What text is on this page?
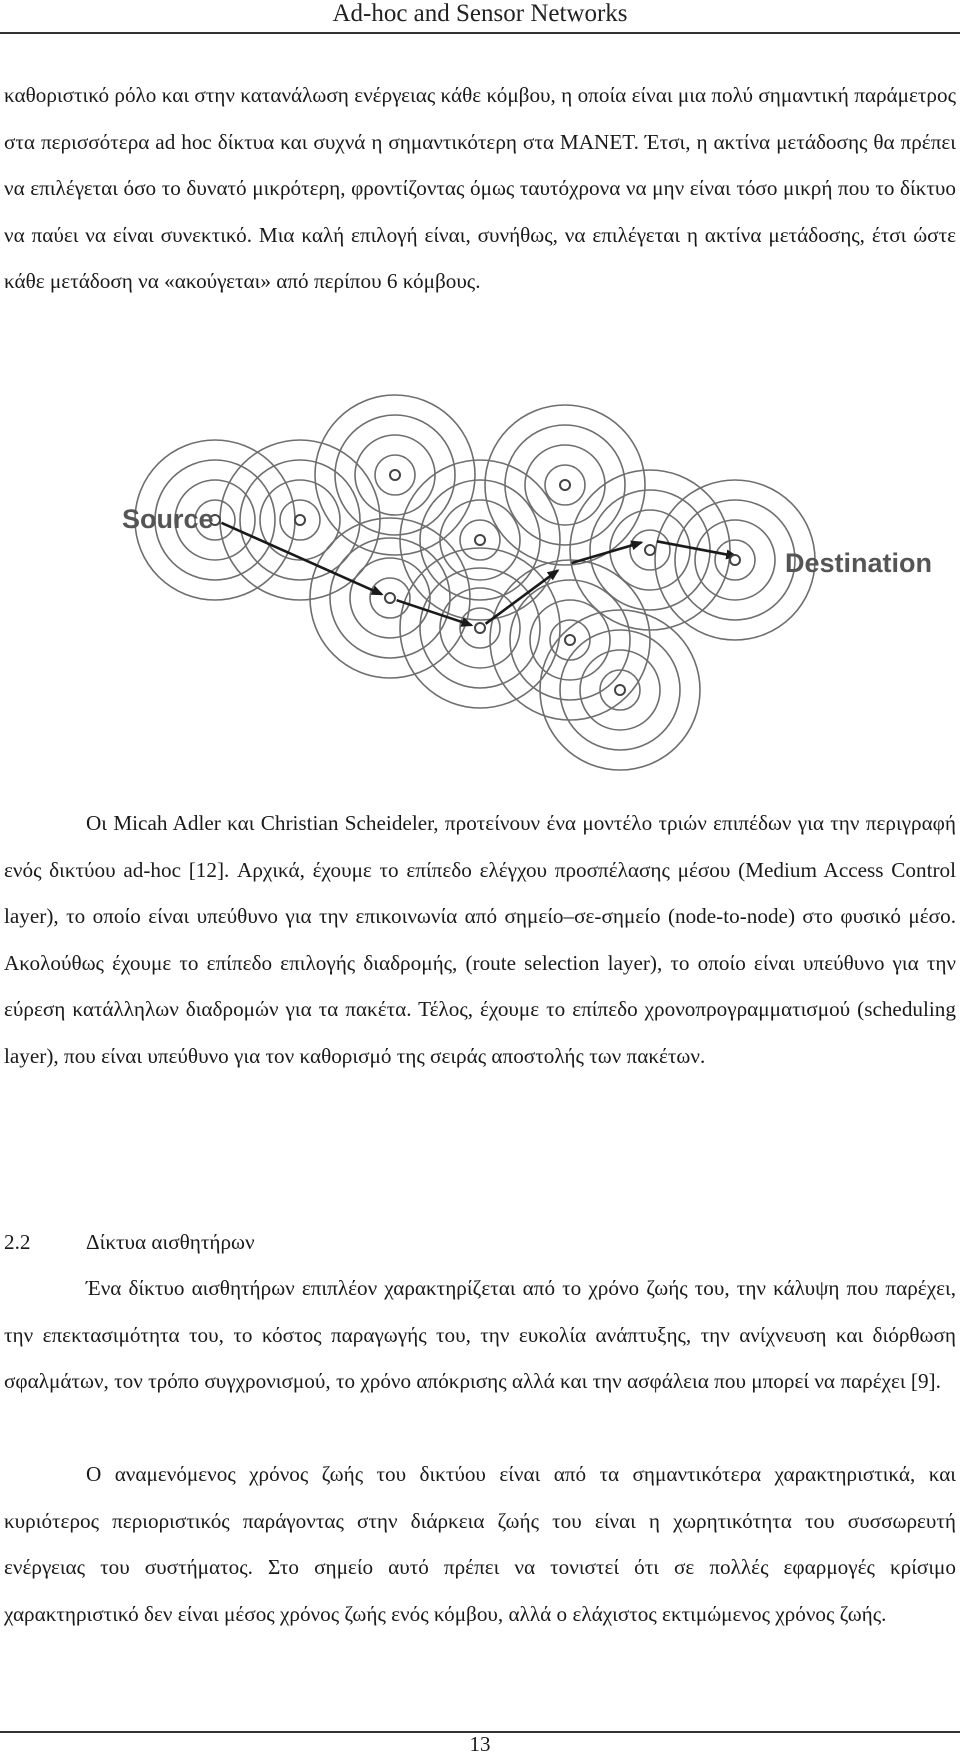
Ad-hoc and Sensor Networks

καθοριστικό ρόλο και στην κατανάλωση ενέργειας κάθε κόμβου, η οποία είναι μια πολύ σημαντική παράμετρος στα περισσότερα ad hoc δίκτυα και συχνά η σημαντικότερη στα MANET. Έτσι, η ακτίνα μετάδοσης θα πρέπει να επιλέγεται όσο το δυνατό μικρότερη, φροντίζοντας όμως ταυτόχρονα να μην είναι τόσο μικρή που το δίκτυο να παύει να είναι συνεκτικό. Μια καλή επιλογή είναι, συνήθως, να επιλέγεται η ακτίνα μετάδοσης, έτσι ώστε κάθε μετάδοση να «ακούγεται» από περίπου 6 κόμβους.

Source
Destination

Οι Micah Adler και Christian Scheideler, προτείνουν ένα μοντέλο τριών επιπέδων για την περιγραφή ενός δικτύου ad-hoc [12]. Αρχικά, έχουμε το επίπεδο ελέγχου προσπέλασης μέσου (Medium Access Control layer), το οποίο είναι υπεύθυνο για την επικοινωνία από σημείο–σε-σημείο (node-to-node) στο φυσικό μέσο. Ακολούθως έχουμε το επίπεδο επιλογής διαδρομής, (route selection layer), το οποίο είναι υπεύθυνο για την εύρεση κατάλληλων διαδρομών για τα πακέτα. Τέλος, έχουμε το επίπεδο χρονοπρογραμματισμού (scheduling layer), που είναι υπεύθυνο για τον καθορισμό της σειράς αποστολής των πακέτων.

2.2	Δίκτυα αισθητήρων

Ένα δίκτυο αισθητήρων επιπλέον χαρακτηρίζεται από το χρόνο ζωής του, την κάλυψη που παρέχει, την επεκτασιμότητα του, το κόστος παραγωγής του, την ευκολία ανάπτυξης, την ανίχνευση και διόρθωση σφαλμάτων, τον τρόπο συγχρονισμού, το χρόνο απόκρισης αλλά και την ασφάλεια που μπορεί να παρέχει [9].

Ο αναμενόμενος χρόνος ζωής του δικτύου είναι από τα σημαντικότερα χαρακτηριστικά, και κυριότερος περιοριστικός παράγοντας στην διάρκεια ζωής του είναι η χωρητικότητα του συσσωρευτή ενέργειας του συστήματος. Στο σημείο αυτό πρέπει να τονιστεί ότι σε πολλές εφαρμογές κρίσιμο χαρακτηριστικό δεν είναι μέσος χρόνος ζωής ενός κόμβου, αλλά ο ελάχιστος εκτιμώμενος χρόνος ζωής.

13
